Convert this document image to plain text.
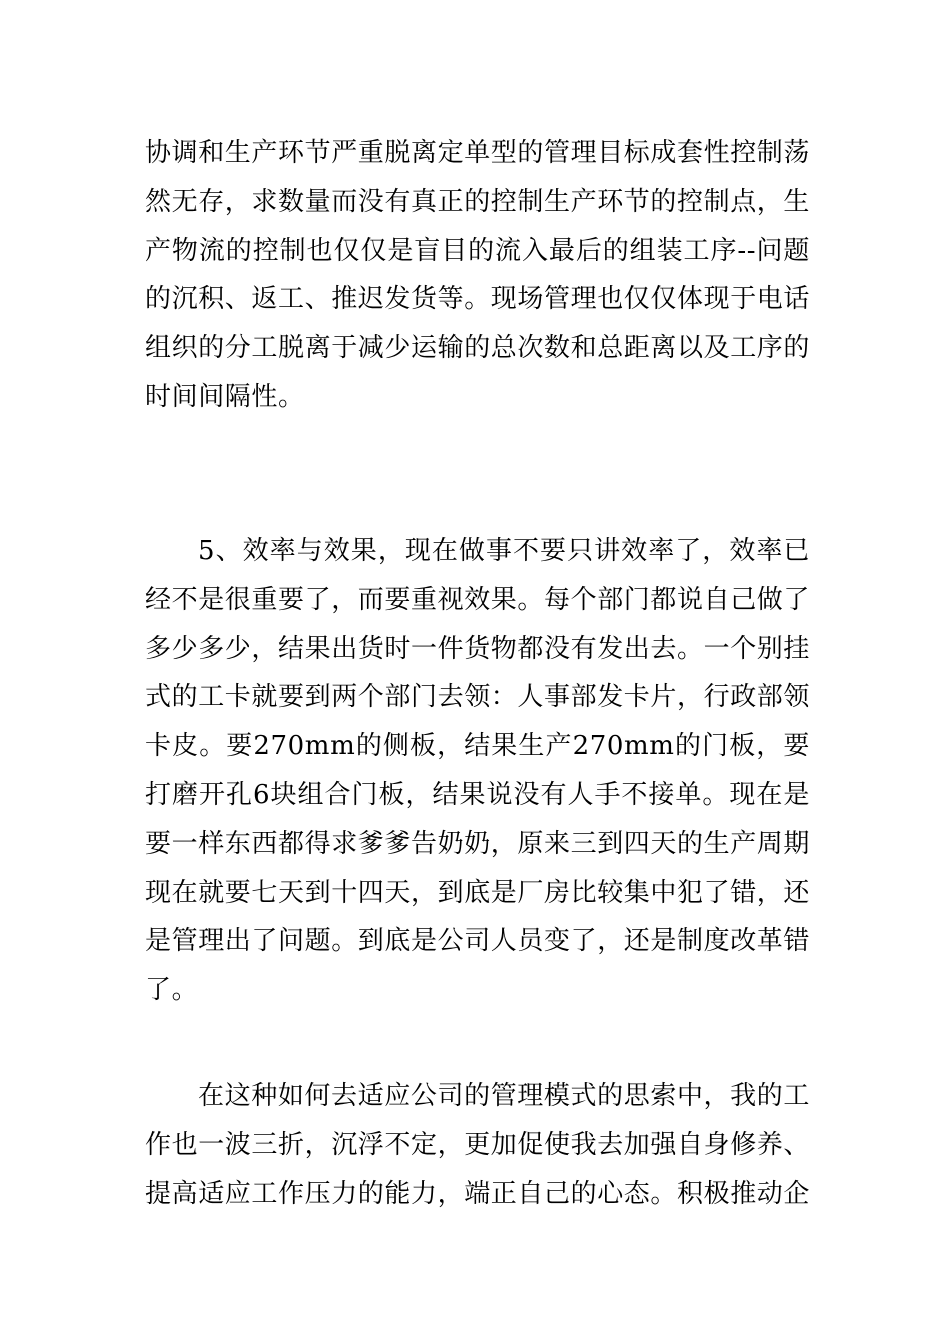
协调和生产环节严重脱离定单型的管理目标成套性控制荡然无存，求数量而没有真正的控制生产环节的控制点，生产物流的控制也仅仅是盲目的流入最后的组装工序--问题的沉积、返工、推迟发货等。现场管理也仅仅体现于电话组织的分工脱离于减少运输的总次数和总距离以及工序的时间间隔性。

5、效率与效果，现在做事不要只讲效率了，效率已经不是很重要了，而要重视效果。每个部门都说自己做了多少多少，结果出货时一件货物都没有发出去。一个别挂式的工卡就要到两个部门去领：人事部发卡片，行政部领卡皮。要270mm的侧板，结果生产270mm的门板，要打磨开孔6块组合门板，结果说没有人手不接单。现在是要一样东西都得求爹爹告奶奶，原来三到四天的生产周期现在就要七天到十四天，到底是厂房比较集中犯了错，还是管理出了问题。到底是公司人员变了，还是制度改革错了。

在这种如何去适应公司的管理模式的思索中，我的工作也一波三折，沉浮不定，更加促使我去加强自身修养、提高适应工作压力的能力，端正自己的心态。积极推动企
